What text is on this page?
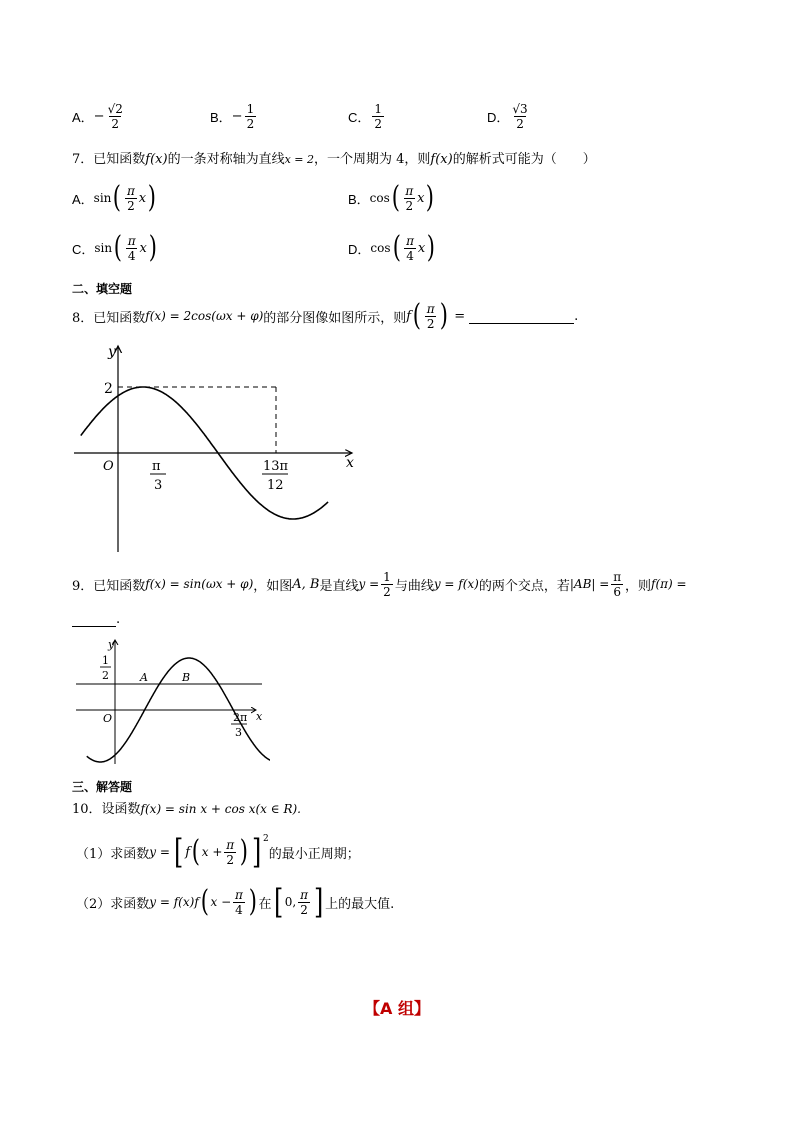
A． − $\frac{√2}{2}$	B． − $\frac{1}{2}$	C． $\frac{1}{2}$	D． $\frac{√3}{2}$
7．已知函数f(x)的一条对称轴为直线x = 2，一个周期为 4，则f(x)的解析式可能为（　　）
A． sin ( $\frac{\pi}{2}$ x )	B． cos ( $\frac{\pi}{2}$ x )
C． sin ( $\frac{\pi}{4}$ x )	D． cos ( $\frac{\pi}{4}$ x )
二、填空题
8．已知函数 f(x) = 2cos(ωx + φ) 的部分图像如图所示，则 f ( $\frac{\pi}{2}$ ) =	.
y
x
O
2
π
3
13π
12
9．已知函数 f(x) = sin(ωx + φ) ，如图 A, B 是直线 $y = \frac{1}{2}$ 与曲线 y = f(x) 的两个交点，若 $|AB| = \frac{\pi}{6}$ ，则 f(π) =
.
y
x
O
1
2	A	B
2π
3
三、解答题
10．设函数f(x) = sin x + cos x(x ∈ R).
（1）求函数 y = [ f ( $x + \frac{\pi}{2}$ ) ]$^2$
的最小正周期；
（2）求函数 y = f(x)f ( $x - \frac{\pi}{4}$ ) 在 [ 0, $\frac{\pi}{2}$ ] 上的最大值.
【A 组】
